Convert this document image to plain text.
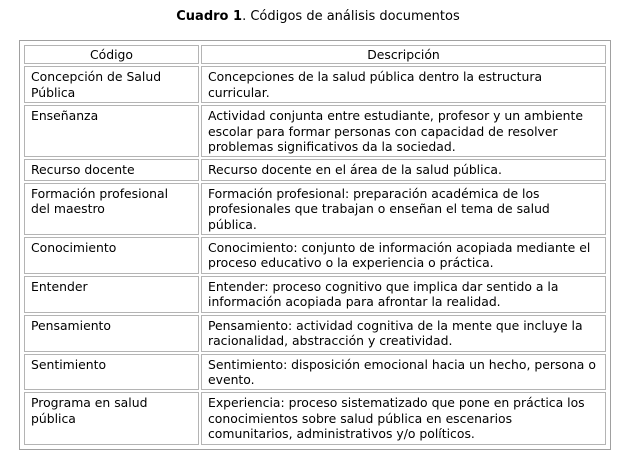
Cuadro 1. Códigos de análisis documentos
Código	Descripción
Concepción de Salud Pública	Concepciones de la salud pública dentro la estructura curricular.
Enseñanza	Actividad conjunta entre estudiante, profesor y un ambiente escolar para formar personas con capacidad de resolver problemas significativos da la sociedad.
Recurso docente	Recurso docente en el área de la salud pública.
Formación profesional del maestro	Formación profesional: preparación académica de los profesionales que trabajan o enseñan el tema de salud pública.
Conocimiento	Conocimiento: conjunto de información acopiada mediante el proceso educativo o la experiencia o práctica.
Entender	Entender: proceso cognitivo que implica dar sentido a la información acopiada para afrontar la realidad.
Pensamiento	Pensamiento: actividad cognitiva de la mente que incluye la racionalidad, abstracción y creatividad.
Sentimiento	Sentimiento: disposición emocional hacia un hecho, persona o evento.
Programa en salud pública	Experiencia: proceso sistematizado que pone en práctica los conocimientos sobre salud pública en escenarios comunitarios, administrativos y/o políticos.
